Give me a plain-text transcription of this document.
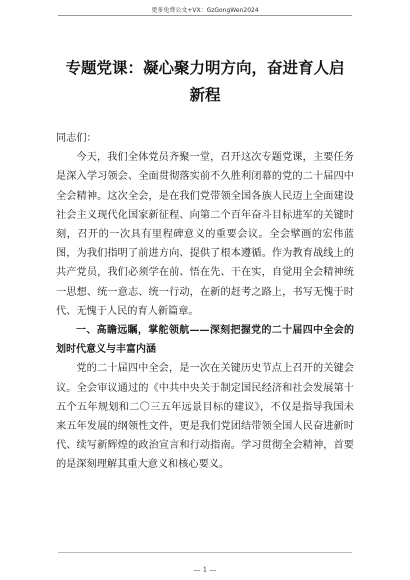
更多免费公文+VX：GzGongWen2024
专题党课：凝心聚力明方向，奋进育人启
新程

同志们：

今天，我们全体党员齐聚一堂，召开这次专题党课，主要任务是深入学习领会、全面贯彻落实前不久胜利闭幕的党的二十届四中全会精神。这次全会，是在我们党带领全国各族人民迈上全面建设社会主义现代化国家新征程、向第二个百年奋斗目标进军的关键时刻，召开的一次具有里程碑意义的重要会议。全会擘画的宏伟蓝图，为我们指明了前进方向、提供了根本遵循。作为教育战线上的共产党员，我们必须学在前、悟在先、干在实，自觉用全会精神统一思想、统一意志、统一行动，在新的赶考之路上，书写无愧于时代、无愧于人民的育人新篇章。

一、高瞻远瞩，掌舵领航——深刻把握党的二十届四中全会的划时代意义与丰富内涵

党的二十届四中全会，是一次在关键历史节点上召开的关键会议。全会审议通过的《中共中央关于制定国民经济和社会发展第十五个五年规划和二〇三五年远景目标的建议》，不仅是指导我国未来五年发展的纲领性文件，更是我们党团结带领全国人民奋进新时代、续写新辉煌的政治宣言和行动指南。学习贯彻全会精神，首要的是深刻理解其重大意义和核心要义。

— 1 —
